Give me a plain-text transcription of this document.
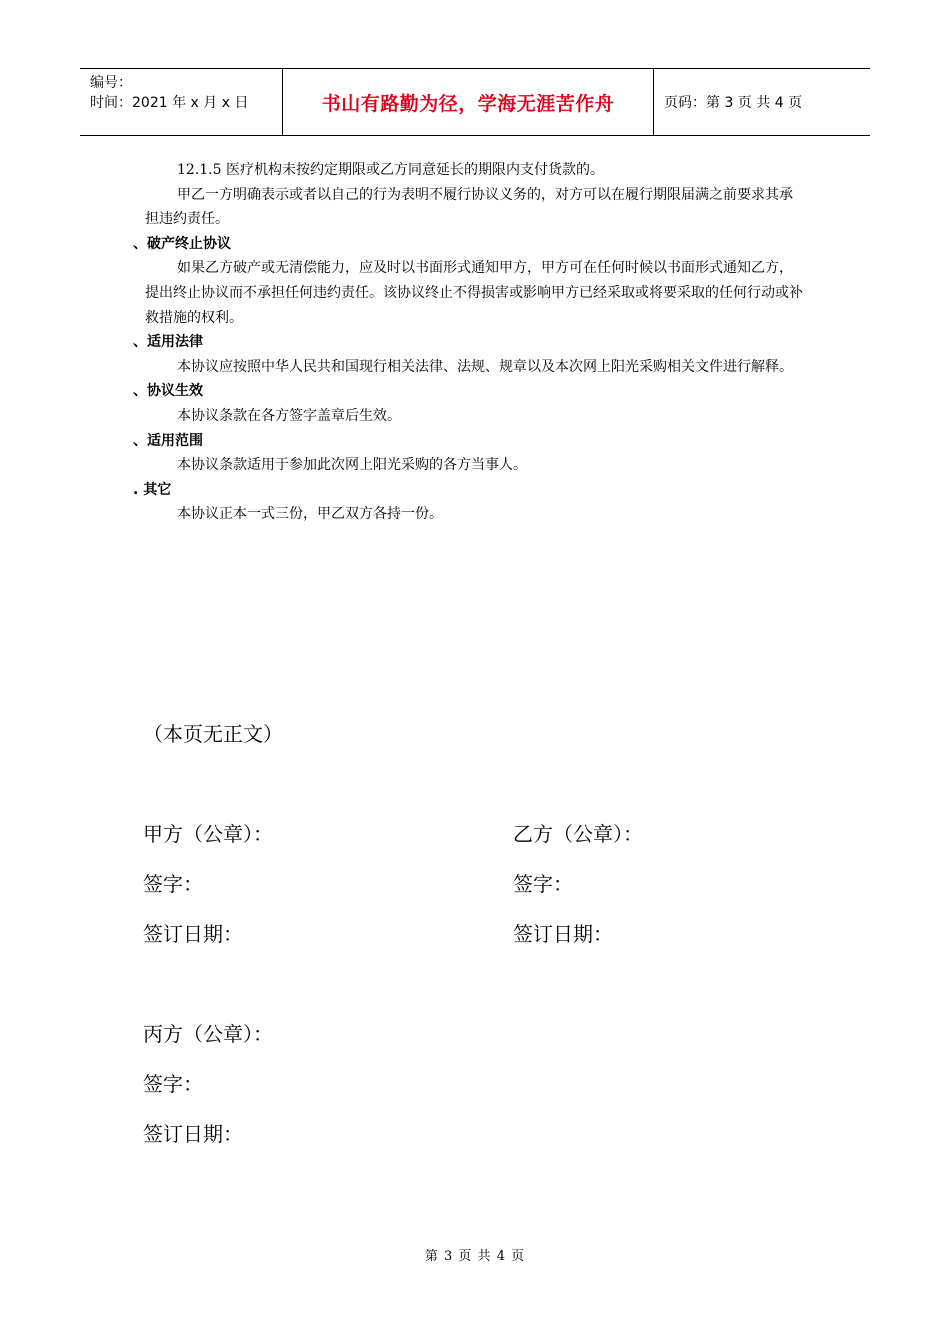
编号：
时间：2021 年 x 月 x 日	书山有路勤为径，学海无涯苦作舟	页码：第 3 页 共 4 页

12.1.5 医疗机构未按约定期限或乙方同意延长的期限内支付货款的。

甲乙一方明确表示或者以自己的行为表明不履行协议义务的，对方可以在履行期限届满之前要求其承担违约责任。

、破产终止协议

如果乙方破产或无清偿能力，应及时以书面形式通知甲方，甲方可在任何时候以书面形式通知乙方，提出终止协议而不承担任何违约责任。该协议终止不得损害或影响甲方已经采取或将要采取的任何行动或补救措施的权利。

、适用法律

本协议应按照中华人民共和国现行相关法律、法规、规章以及本次网上阳光采购相关文件进行解释。

、协议生效

本协议条款在各方签字盖章后生效。

、适用范围

本协议条款适用于参加此次网上阳光采购的各方当事人。

. 其它

本协议正本一式三份，甲乙双方各持一份。

（本页无正文）
甲方（公章）：	乙方（公章）：
签字：	签字：
签订日期：	签订日期：
丙方（公章）：
签字：
签订日期：
第 3 页 共 4 页
